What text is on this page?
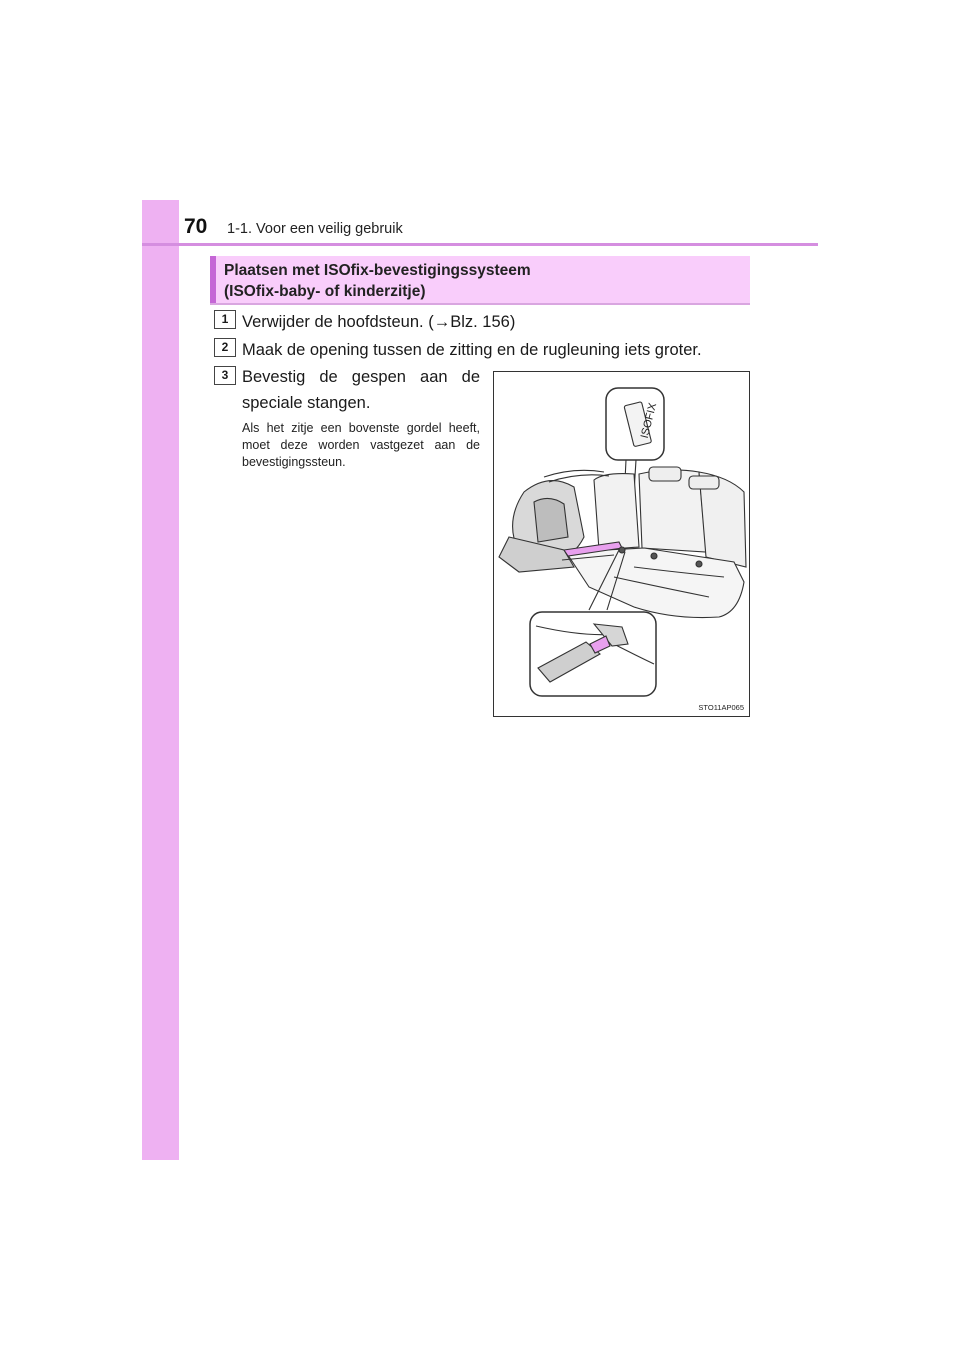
70 1-1. Voor een veilig gebruik
Plaatsen met ISOfix-bevestigingssysteem
(ISOfix-baby- of kinderzitje)
1 Verwijder de hoofdsteun. (→Blz. 156)
2 Maak de opening tussen de zitting en de rugleuning iets groter.
3 Bevestig de gespen aan de speciale stangen.
Als het zitje een bovenste gordel heeft, moet deze worden vastgezet aan de bevestigingssteun.
ISOFIX
STO11AP065
